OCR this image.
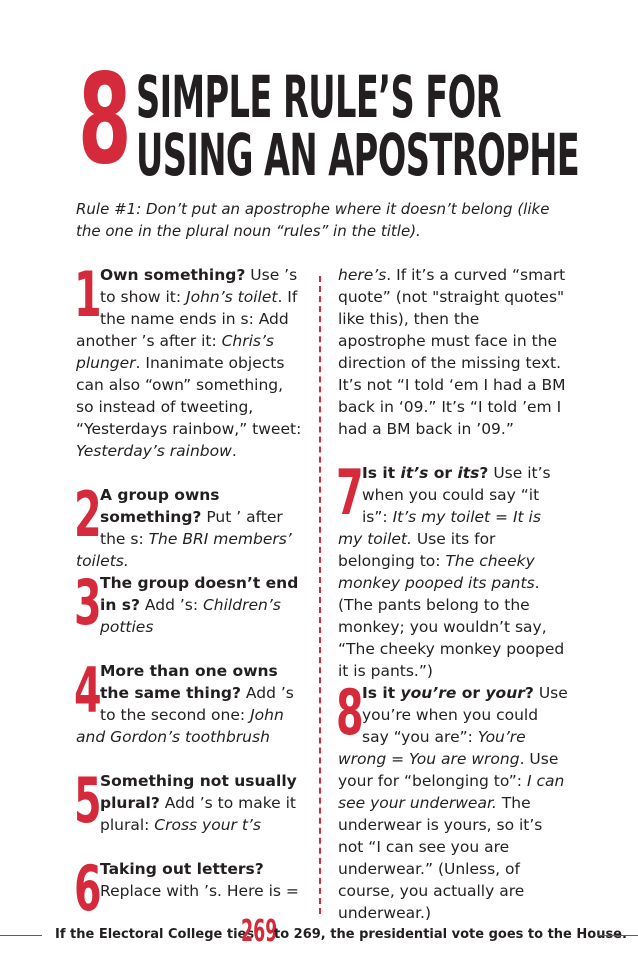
8 SIMPLE RULE’S FOR
USING AN APOSTROPHE

Rule #1: Don’t put an apostrophe where it doesn’t belong (like the one in the plural noun “rules” in the title).

1
Own something? Use ’s to show it: John’s toilet. If the name ends in s: Add another ’s after it: Chris’s plunger. Inanimate objects can also “own” something, so instead of tweeting, “Yesterdays rainbow,” tweet: Yesterday’s rainbow.
2
A group owns something? Put ’ after the s: The BRI members’ toilets.
3
The group doesn’t end in s? Add ’s: Children’s potties
4
More than one owns the same thing? Add ’s to the second one: John and Gordon’s toothbrush
5
Something not usually plural? Add ’s to make it plural: Cross your t’s
6
Taking out letters? Replace with ’s. Here is =
here’s. If it’s a curved “smart quote” (not "straight quotes" like this), then the apostrophe must face in the direction of the missing text. It’s not “I told ‘em I had a BM back in ‘09.” It’s “I told ’em I had a BM back in ’09.”
7
Is it it’s or its? Use it’s when you could say “it is”: It’s my toilet = It is my toilet. Use its for belonging to: The cheeky monkey pooped its pants. (The pants belong to the monkey; you wouldn’t say, “The cheeky monkey pooped it is pants.”)
8
Is it you’re or your? Use you’re when you could say “you are”: You’re wrong = You are wrong. Use your for “belonging to”: I can see your underwear. The underwear is yours, so it’s not “I can see you are underwear.” (Unless, of course, you actually are underwear.)
If the Electoral College ties
269
to 269, the presidential vote goes to the House.
